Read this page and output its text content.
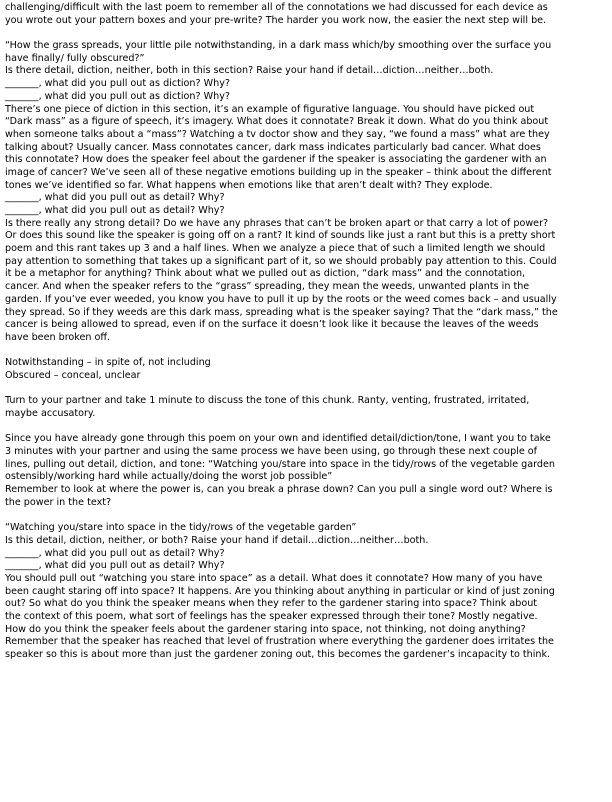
challenging/difficult with the last poem to remember all of the connotations we had discussed for each device as
you wrote out your pattern boxes and your pre-write? The harder you work now, the easier the next step will be.
“How the grass spreads, your little pile notwithstanding, in a dark mass which/by smoothing over the surface you
have finally/ fully obscured?”
Is there detail, diction, neither, both in this section? Raise your hand if detail…diction…neither…both.
_______, what did you pull out as diction? Why?
_______, what did you pull out as diction? Why?
There’s one piece of diction in this section, it’s an example of figurative language. You should have picked out
“Dark mass” as a figure of speech, it’s imagery. What does it connotate? Break it down. What do you think about
when someone talks about a “mass”? Watching a tv doctor show and they say, “we found a mass” what are they
talking about? Usually cancer. Mass connotates cancer, dark mass indicates particularly bad cancer. What does
this connotate? How does the speaker feel about the gardener if the speaker is associating the gardener with an
image of cancer? We’ve seen all of these negative emotions building up in the speaker – think about the different
tones we’ve identified so far. What happens when emotions like that aren’t dealt with? They explode.
_______, what did you pull out as detail? Why?
_______, what did you pull out as detail? Why?
Is there really any strong detail? Do we have any phrases that can’t be broken apart or that carry a lot of power?
Or does this sound like the speaker is going off on a rant? It kind of sounds like just a rant but this is a pretty short
poem and this rant takes up 3 and a half lines. When we analyze a piece that of such a limited length we should
pay attention to something that takes up a significant part of it, so we should probably pay attention to this. Could
it be a metaphor for anything? Think about what we pulled out as diction, “dark mass” and the connotation,
cancer. And when the speaker refers to the “grass” spreading, they mean the weeds, unwanted plants in the
garden. If you’ve ever weeded, you know you have to pull it up by the roots or the weed comes back – and usually
they spread. So if they weeds are this dark mass, spreading what is the speaker saying? That the “dark mass,” the
cancer is being allowed to spread, even if on the surface it doesn’t look like it because the leaves of the weeds
have been broken off.
Notwithstanding – in spite of, not including
Obscured – conceal, unclear
Turn to your partner and take 1 minute to discuss the tone of this chunk. Ranty, venting, frustrated, irritated,
maybe accusatory.
Since you have already gone through this poem on your own and identified detail/diction/tone, I want you to take
3 minutes with your partner and using the same process we have been using, go through these next couple of
lines, pulling out detail, diction, and tone: “Watching you/stare into space in the tidy/rows of the vegetable garden
ostensibly/working hard while actually/doing the worst job possible”
Remember to look at where the power is, can you break a phrase down? Can you pull a single word out? Where is
the power in the text?
“Watching you/stare into space in the tidy/rows of the vegetable garden”
Is this detail, diction, neither, or both? Raise your hand if detail…diction…neither…both.
_______, what did you pull out as detail? Why?
_______, what did you pull out as detail? Why?
You should pull out “watching you stare into space” as a detail. What does it connotate? How many of you have
been caught staring off into space? It happens. Are you thinking about anything in particular or kind of just zoning
out? So what do you think the speaker means when they refer to the gardener staring into space? Think about
the context of this poem, what sort of feelings has the speaker expressed through their tone? Mostly negative.
How do you think the speaker feels about the gardener staring into space, not thinking, not doing anything?
Remember that the speaker has reached that level of frustration where everything the gardener does irritates the
speaker so this is about more than just the gardener zoning out, this becomes the gardener’s incapacity to think.
